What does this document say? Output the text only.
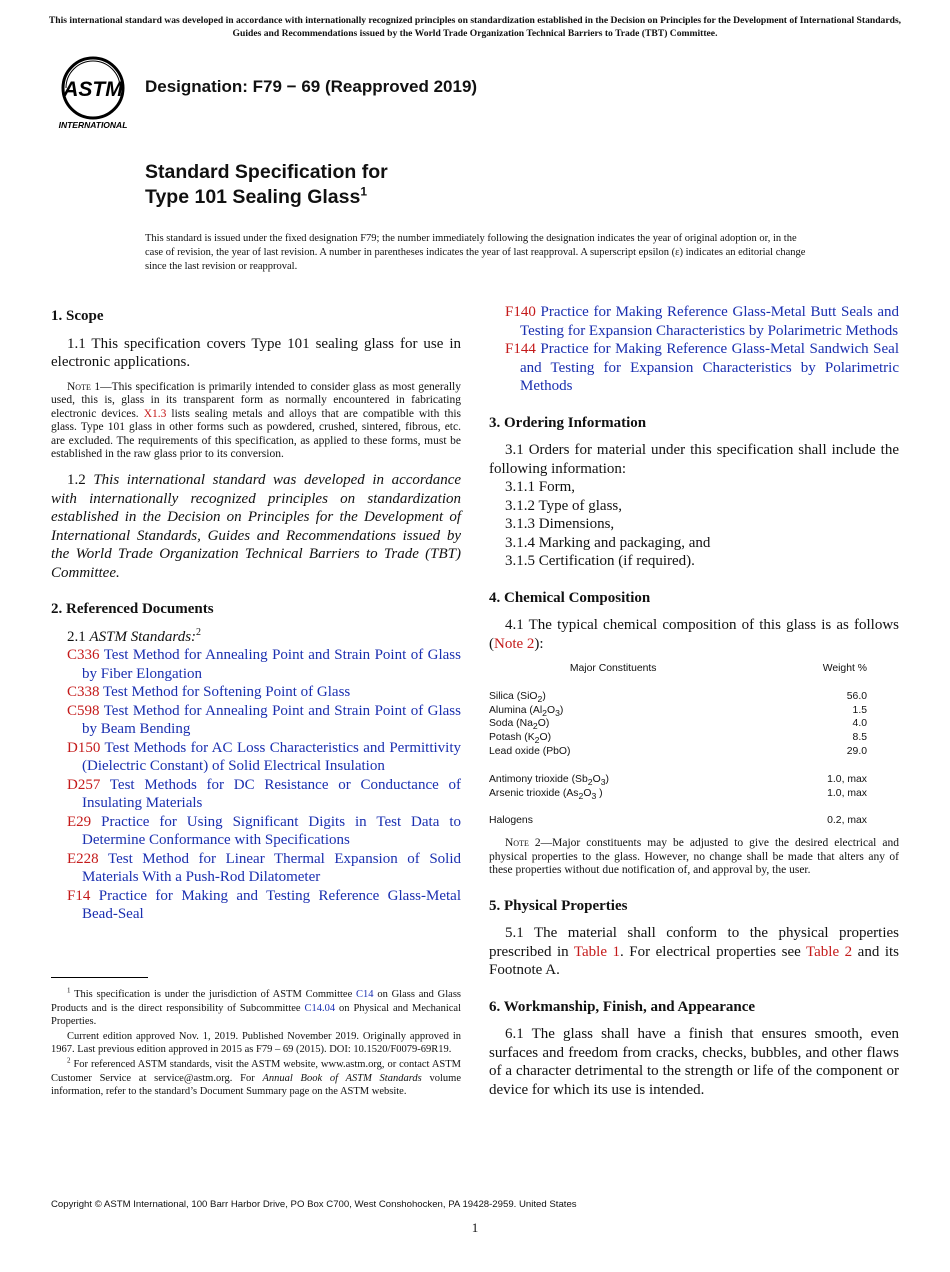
This international standard was developed in accordance with internationally recognized principles on standardization established in the Decision on Principles for the Development of International Standards, Guides and Recommendations issued by the World Trade Organization Technical Barriers to Trade (TBT) Committee.
ASTM
INTERNATIONAL
Designation: F79 − 69 (Reapproved 2019)
Standard Specification for
Type 101 Sealing Glass$^1$
This standard is issued under the fixed designation F79; the number immediately following the designation indicates the year of original adoption or, in the case of revision, the year of last revision. A number in parentheses indicates the year of last reapproval. A superscript epsilon (ε) indicates an editorial change since the last revision or reapproval.
1. Scope

1.1 This specification covers Type 101 sealing glass for use in electronic applications.

Note 1—This specification is primarily intended to consider glass as most generally used, this is, glass in its transparent form as normally encountered in fabricating electronic devices. X1.3 lists sealing metals and alloys that are compatible with this glass. Type 101 glass in other forms such as powdered, crushed, sintered, fibrous, etc. are excluded. The requirements of this specification, as applied to these forms, must be established in the raw glass prior to its conversion.

1.2 This international standard was developed in accordance with internationally recognized principles on standardization established in the Decision on Principles for the Development of International Standards, Guides and Recommendations issued by the World Trade Organization Technical Barriers to Trade (TBT) Committee.

2. Referenced Documents

2.1 ASTM Standards:$^2$

C336 Test Method for Annealing Point and Strain Point of Glass by Fiber Elongation

C338 Test Method for Softening Point of Glass

C598 Test Method for Annealing Point and Strain Point of Glass by Beam Bending

D150 Test Methods for AC Loss Characteristics and Permittivity (Dielectric Constant) of Solid Electrical Insulation

D257 Test Methods for DC Resistance or Conductance of Insulating Materials

E29 Practice for Using Significant Digits in Test Data to Determine Conformance with Specifications

E228 Test Method for Linear Thermal Expansion of Solid Materials With a Push-Rod Dilatometer

F14 Practice for Making and Testing Reference Glass-Metal Bead-Seal

F140 Practice for Making Reference Glass-Metal Butt Seals and Testing for Expansion Characteristics by Polarimetric Methods

F144 Practice for Making Reference Glass-Metal Sandwich Seal and Testing for Expansion Characteristics by Polarimetric Methods

3. Ordering Information

3.1 Orders for material under this specification shall include the following information:

3.1.1 Form,

3.1.2 Type of glass,

3.1.3 Dimensions,

3.1.4 Marking and packaging, and

3.1.5 Certification (if required).

4. Chemical Composition

4.1 The typical chemical composition of this glass is as follows (Note 2):

Major Constituents	Weight %
Silica (SiO$_2$)	56.0
Alumina $(Al_2O_3)$	1.5
Soda $(Na_2O)$	4.0
Potash $(K_2O)$	8.5
Lead oxide (PbO)	29.0

Antimony trioxide $(Sb_2O_3)$	1.0, max
Arsenic trioxide ($As_2O_3$ )	1.0, max

Halogens	0.2, max
Note 2—Major constituents may be adjusted to give the desired electrical and physical properties to the glass. However, no change shall be made that alters any of these properties without due notification of, and approval by, the user.
5. Physical Properties

5.1 The material shall conform to the physical properties prescribed in Table 1. For electrical properties see Table 2 and its Footnote A.

6. Workmanship, Finish, and Appearance

6.1 The glass shall have a finish that ensures smooth, even surfaces and freedom from cracks, checks, bubbles, and other flaws of a character detrimental to the strength or life of the component or device for which its use is intended.

$^1$ This specification is under the jurisdiction of ASTM Committee C14 on Glass and Glass Products and is the direct responsibility of Subcommittee C14.04 on Physical and Mechanical Properties.

Current edition approved Nov. 1, 2019. Published November 2019. Originally approved in 1967. Last previous edition approved in 2015 as F79 – 69 (2015). DOI: 10.1520/F0079-69R19.

$^2$ For referenced ASTM standards, visit the ASTM website, www.astm.org, or contact ASTM Customer Service at service@astm.org. For Annual Book of ASTM Standards volume information, refer to the standard’s Document Summary page on the ASTM website.

Copyright © ASTM International, 100 Barr Harbor Drive, PO Box C700, West Conshohocken, PA 19428-2959. United States
1
